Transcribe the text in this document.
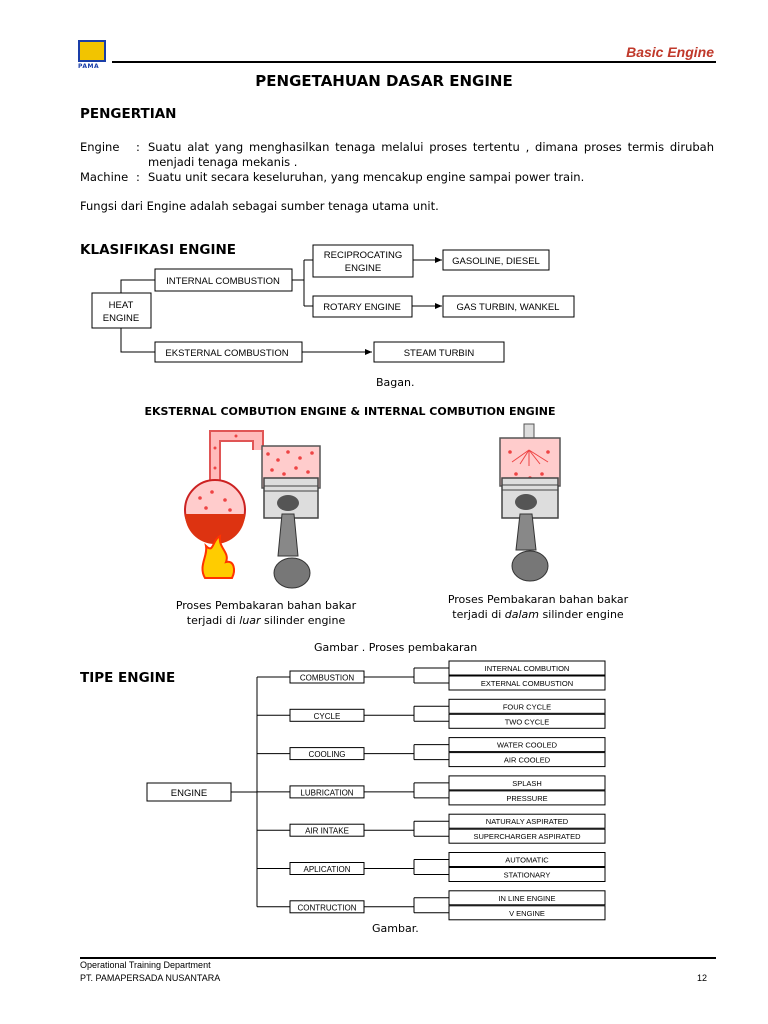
PAMA
Basic Engine
PENGETAHUAN DASAR ENGINE
PENGERTIAN
Engine	: Suatu alat yang menghasilkan tenaga melalui proses tertentu , dimana proses termis dirubah
menjadi tenaga mekanis .
Machine : Suatu unit secara keseluruhan, yang mencakup engine sampai power train.
Fungsi dari Engine adalah sebagai sumber tenaga utama unit.
KLASIFIKASI ENGINE
HEAT
ENGINE
INTERNAL COMBUSTION
EKSTERNAL COMBUSTION
RECIPROCATING
ENGINE
ROTARY ENGINE
GASOLINE, DIESEL
GAS TURBIN, WANKEL
STEAM TURBIN
Bagan.
EKSTERNAL COMBUTION ENGINE & INTERNAL COMBUTION ENGINE
Proses Pembakaran bahan bakar
terjadi di luar silinder engine
Proses Pembakaran bahan bakar
terjadi di dalam silinder engine
Gambar . Proses pembakaran
TIPE ENGINE
ENGINE
COMBUSTION
INTERNAL COMBUTION
EXTERNAL COMBUSTION
CYCLE
FOUR CYCLE
TWO CYCLE
COOLING
WATER COOLED
AIR COOLED
LUBRICATION
SPLASH
PRESSURE
AIR INTAKE
NATURALY ASPIRATED
SUPERCHARGER ASPIRATED
APLICATION
AUTOMATIC
STATIONARY
CONTRUCTION
IN LINE ENGINE
V ENGINE
Gambar.
Operational Training Department
PT. PAMAPERSADA NUSANTARA	12
